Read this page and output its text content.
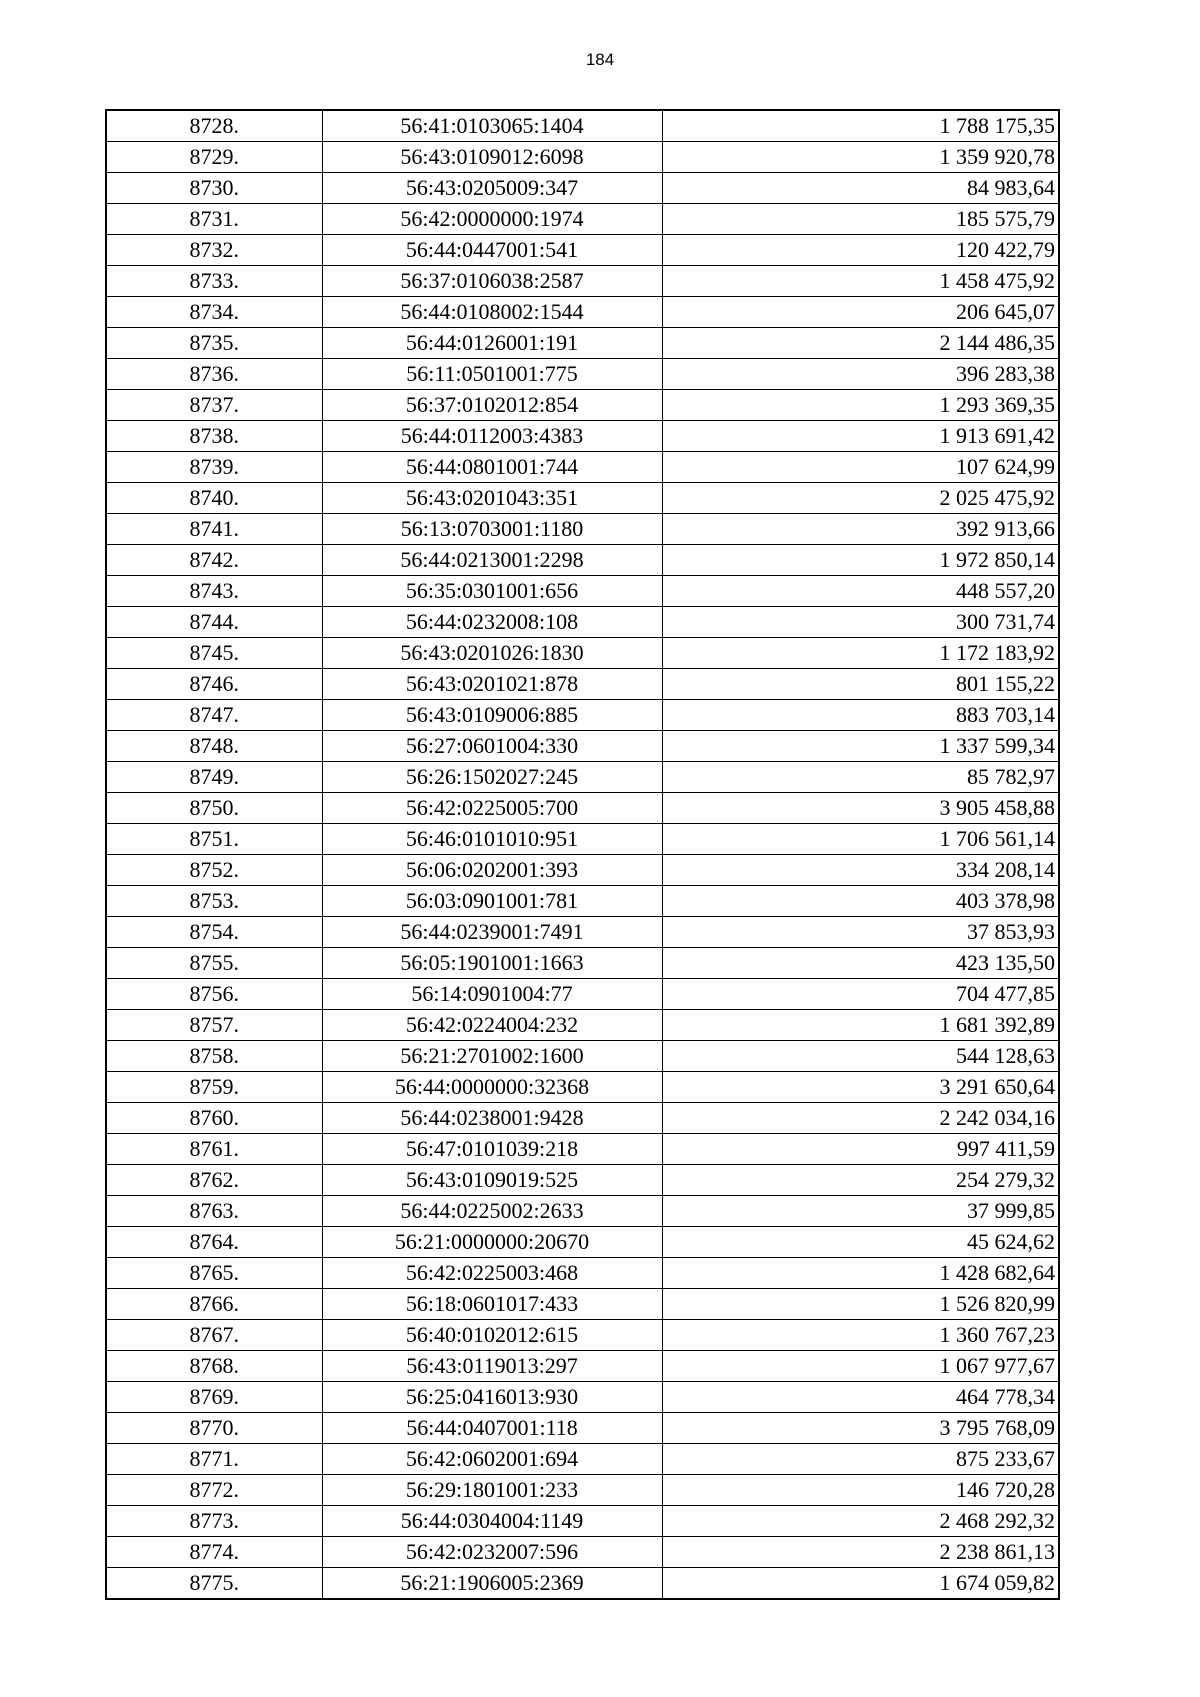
184
8728.	56:41:0103065:1404	1 788 175,35
8729.	56:43:0109012:6098	1 359 920,78
8730.	56:43:0205009:347	84 983,64
8731.	56:42:0000000:1974	185 575,79
8732.	56:44:0447001:541	120 422,79
8733.	56:37:0106038:2587	1 458 475,92
8734.	56:44:0108002:1544	206 645,07
8735.	56:44:0126001:191	2 144 486,35
8736.	56:11:0501001:775	396 283,38
8737.	56:37:0102012:854	1 293 369,35
8738.	56:44:0112003:4383	1 913 691,42
8739.	56:44:0801001:744	107 624,99
8740.	56:43:0201043:351	2 025 475,92
8741.	56:13:0703001:1180	392 913,66
8742.	56:44:0213001:2298	1 972 850,14
8743.	56:35:0301001:656	448 557,20
8744.	56:44:0232008:108	300 731,74
8745.	56:43:0201026:1830	1 172 183,92
8746.	56:43:0201021:878	801 155,22
8747.	56:43:0109006:885	883 703,14
8748.	56:27:0601004:330	1 337 599,34
8749.	56:26:1502027:245	85 782,97
8750.	56:42:0225005:700	3 905 458,88
8751.	56:46:0101010:951	1 706 561,14
8752.	56:06:0202001:393	334 208,14
8753.	56:03:0901001:781	403 378,98
8754.	56:44:0239001:7491	37 853,93
8755.	56:05:1901001:1663	423 135,50
8756.	56:14:0901004:77	704 477,85
8757.	56:42:0224004:232	1 681 392,89
8758.	56:21:2701002:1600	544 128,63
8759.	56:44:0000000:32368	3 291 650,64
8760.	56:44:0238001:9428	2 242 034,16
8761.	56:47:0101039:218	997 411,59
8762.	56:43:0109019:525	254 279,32
8763.	56:44:0225002:2633	37 999,85
8764.	56:21:0000000:20670	45 624,62
8765.	56:42:0225003:468	1 428 682,64
8766.	56:18:0601017:433	1 526 820,99
8767.	56:40:0102012:615	1 360 767,23
8768.	56:43:0119013:297	1 067 977,67
8769.	56:25:0416013:930	464 778,34
8770.	56:44:0407001:118	3 795 768,09
8771.	56:42:0602001:694	875 233,67
8772.	56:29:1801001:233	146 720,28
8773.	56:44:0304004:1149	2 468 292,32
8774.	56:42:0232007:596	2 238 861,13
8775.	56:21:1906005:2369	1 674 059,82
